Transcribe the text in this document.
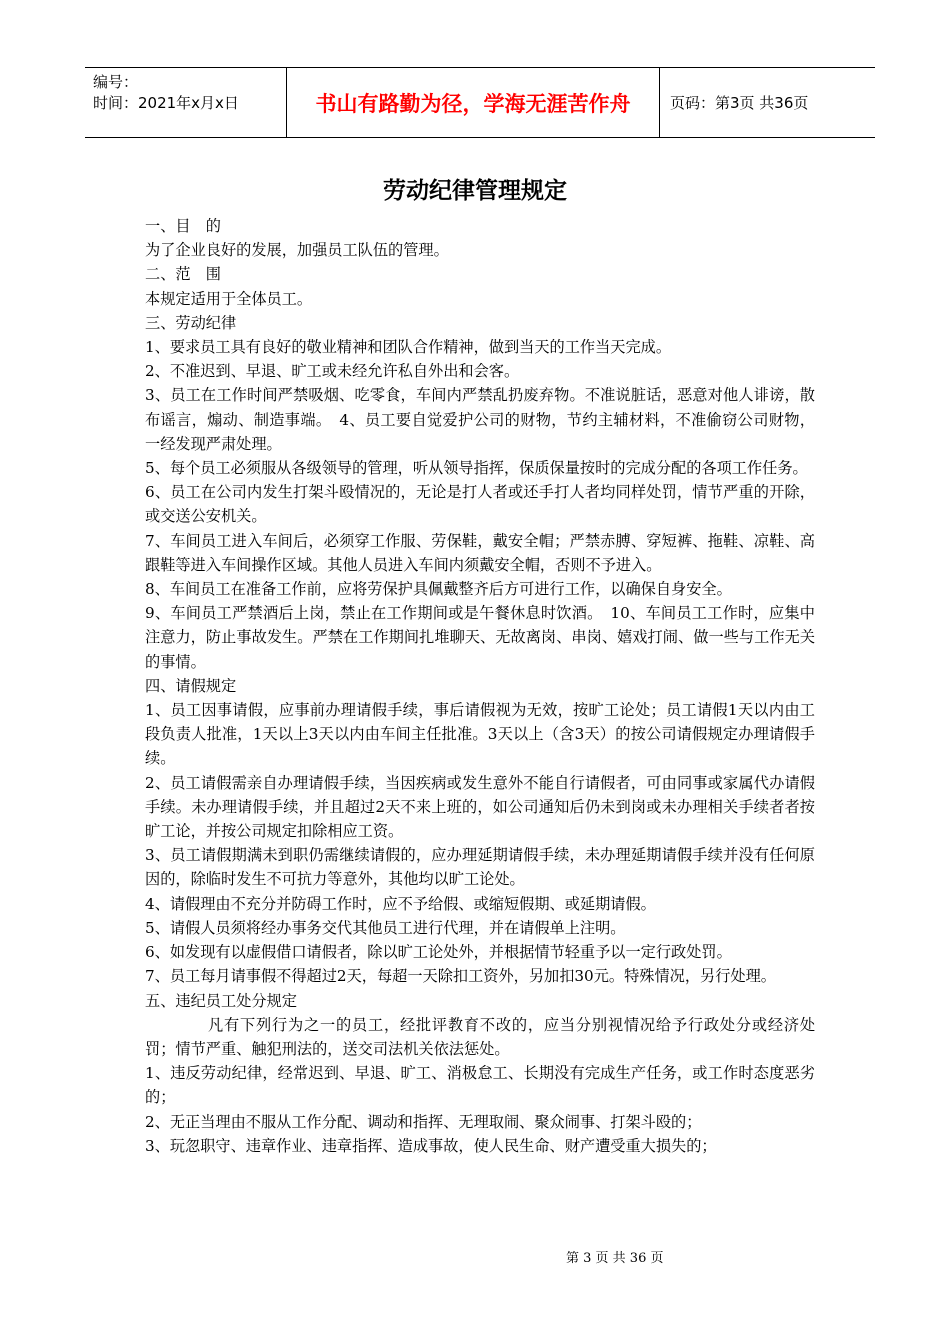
编号：
时间：2021年x月x日	书山有路勤为径，学海无涯苦作舟	页码：第3页 共36页
劳动纪律管理规定

一、目　的

为了企业良好的发展，加强员工队伍的管理。

二、范　围

本规定适用于全体员工。

三、劳动纪律

1、要求员工具有良好的敬业精神和团队合作精神，做到当天的工作当天完成。

2、不准迟到、早退、旷工或未经允许私自外出和会客。

3、员工在工作时间严禁吸烟、吃零食，车间内严禁乱扔废弃物。不准说脏话，恶意对他人诽谤，散布谣言，煽动、制造事端。　4、员工要自觉爱护公司的财物，节约主辅材料，不准偷窃公司财物，一经发现严肃处理。

5、每个员工必须服从各级领导的管理，听从领导指挥，保质保量按时的完成分配的各项工作任务。

6、员工在公司内发生打架斗殴情况的，无论是打人者或还手打人者均同样处罚，情节严重的开除，或交送公安机关。

7、车间员工进入车间后，必须穿工作服、劳保鞋，戴安全帽；严禁赤膊、穿短裤、拖鞋、凉鞋、高跟鞋等进入车间操作区域。其他人员进入车间内须戴安全帽，否则不予进入。

8、车间员工在准备工作前，应将劳保护具佩戴整齐后方可进行工作，以确保自身安全。

9、车间员工严禁酒后上岗，禁止在工作期间或是午餐休息时饮酒。　10、车间员工工作时，应集中注意力，防止事故发生。严禁在工作期间扎堆聊天、无故离岗、串岗、嬉戏打闹、做一些与工作无关的事情。

四、请假规定

1、员工因事请假，应事前办理请假手续，事后请假视为无效，按旷工论处；员工请假1天以内由工段负责人批准，1天以上3天以内由车间主任批准。3天以上（含3天）的按公司请假规定办理请假手续。

2、员工请假需亲自办理请假手续，当因疾病或发生意外不能自行请假者，可由同事或家属代办请假手续。未办理请假手续，并且超过2天不来上班的，如公司通知后仍未到岗或未办理相关手续者者按旷工论，并按公司规定扣除相应工资。

3、员工请假期满未到职仍需继续请假的，应办理延期请假手续，未办理延期请假手续并没有任何原因的，除临时发生不可抗力等意外，其他均以旷工论处。

4、请假理由不充分并防碍工作时，应不予给假、或缩短假期、或延期请假。

5、请假人员须将经办事务交代其他员工进行代理，并在请假单上注明。

6、如发现有以虚假借口请假者，除以旷工论处外，并根据情节轻重予以一定行政处罚。

7、员工每月请事假不得超过2天，每超一天除扣工资外，另加扣30元。特殊情况，另行处理。

五、违纪员工处分规定

凡有下列行为之一的员工，经批评教育不改的，应当分别视情况给予行政处分或经济处罚；情节严重、触犯刑法的，送交司法机关依法惩处。

1、违反劳动纪律，经常迟到、早退、旷工、消极怠工、长期没有完成生产任务，或工作时态度恶劣的；

2、无正当理由不服从工作分配、调动和指挥、无理取闹、聚众闹事、打架斗殴的；

3、玩忽职守、违章作业、违章指挥、造成事故，使人民生命、财产遭受重大损失的；

第 3 页 共 36 页
